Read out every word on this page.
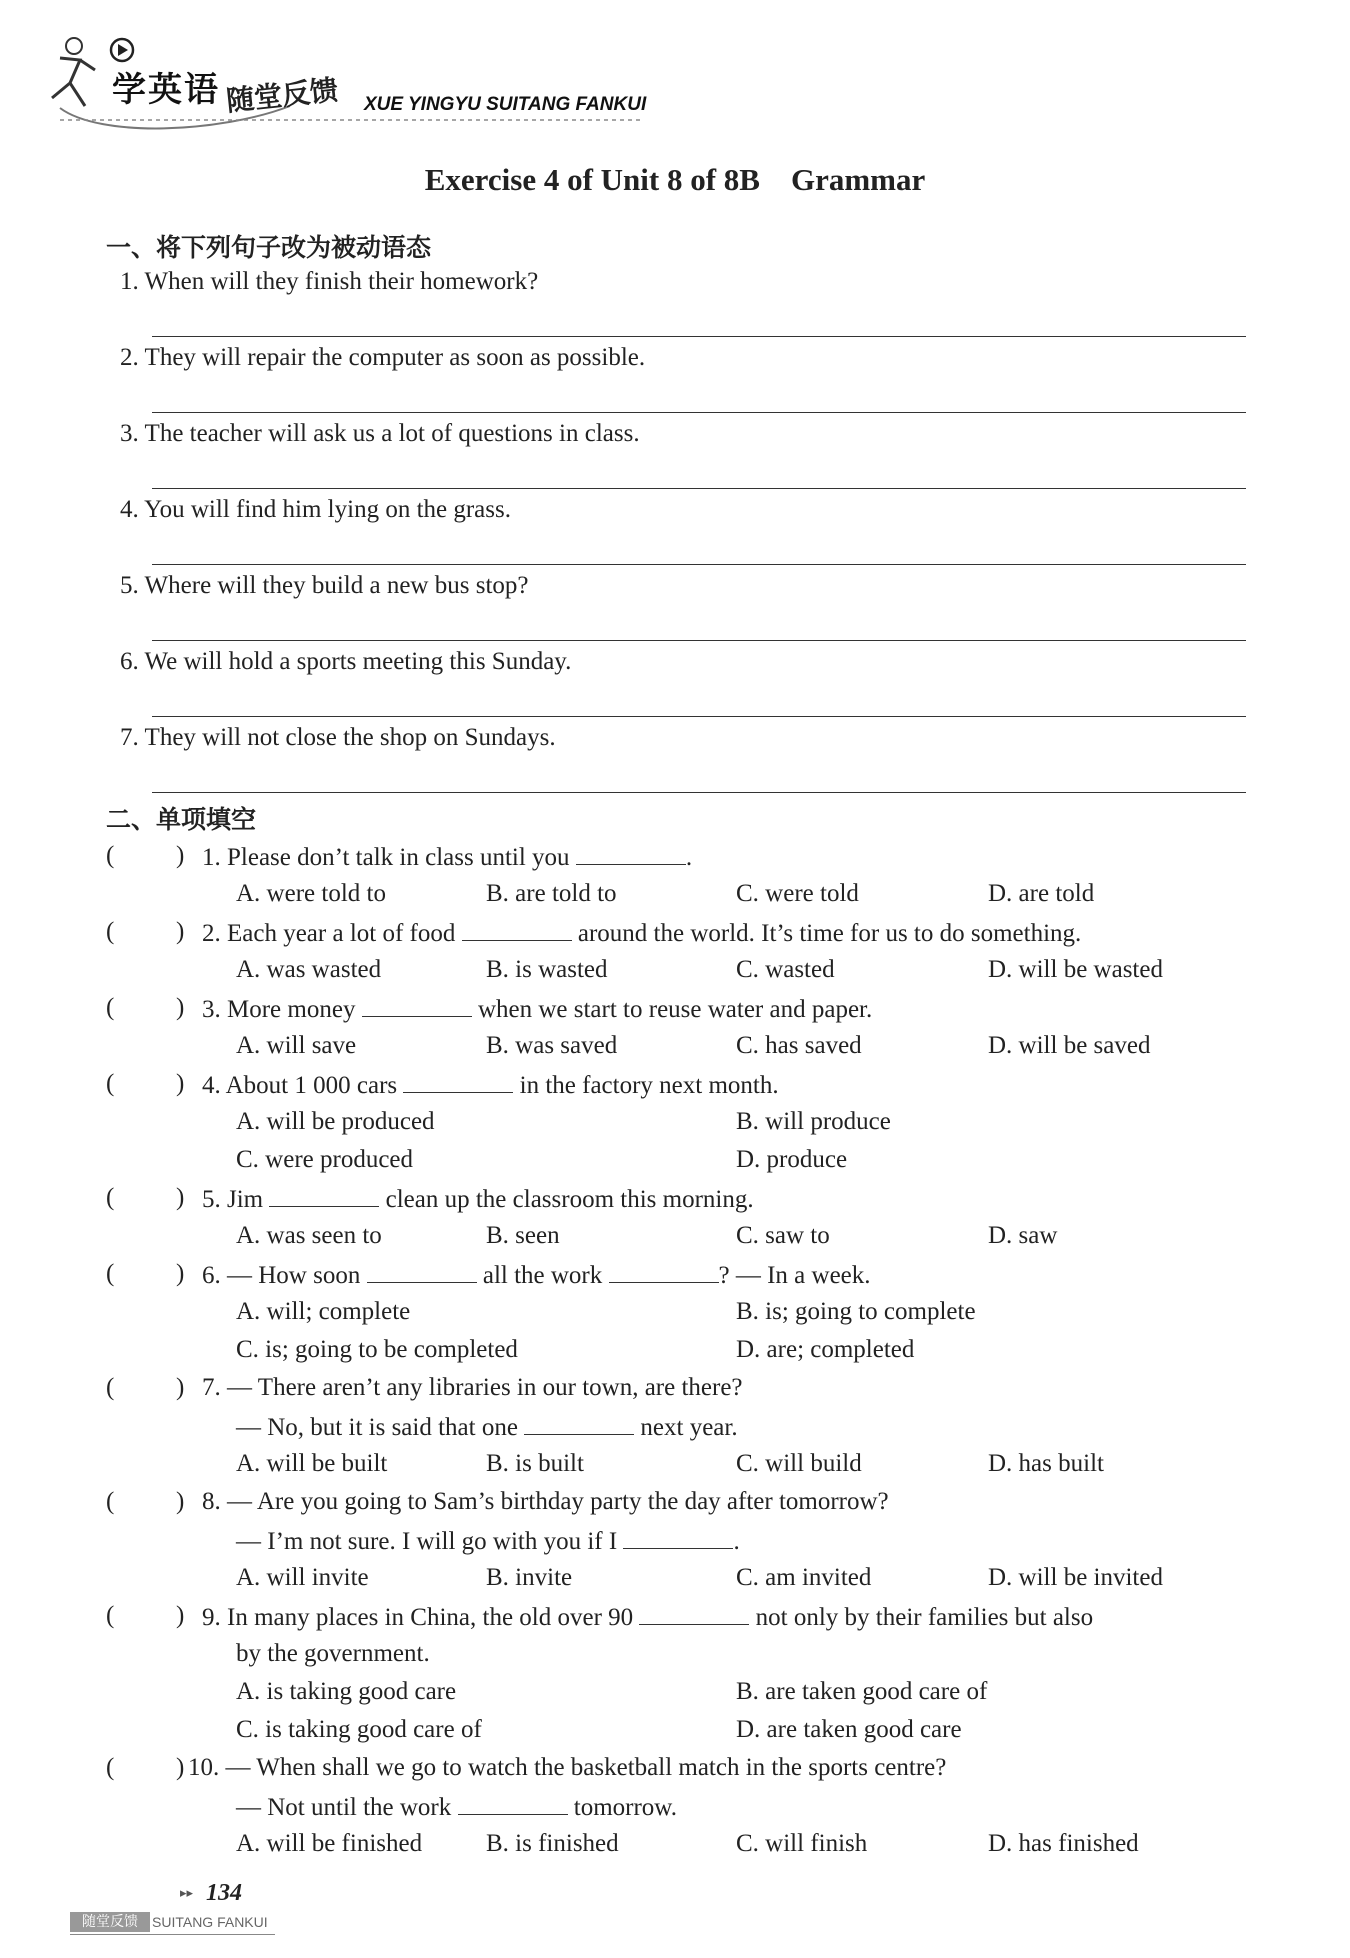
学英语 随堂反馈 XUE YINGYU SUITANG FANKUI
Exercise 4 of Unit 8 of 8B    Grammar
一、将下列句子改为被动语态
1. When will they finish their homework?
2. They will repair the computer as soon as possible.
3. The teacher will ask us a lot of questions in class.
4. You will find him lying on the grass.
5. Where will they build a new bus stop?
6. We will hold a sports meeting this Sunday.
7. They will not close the shop on Sundays.
二、单项填空
( ) 1. Please don’t talk in class until you	.
A. were told to	B. are told to	C. were told	D. are told
( ) 2. Each year a lot of food	around the world. It’s time for us to do something.
A. was wasted	B. is wasted	C. wasted	D. will be wasted
( ) 3. More money	when we start to reuse water and paper.
A. will save	B. was saved	C. has saved	D. will be saved
( ) 4. About 1 000 cars	in the factory next month.
A. will be produced	B. will produce
C. were produced	D. produce
( ) 5. Jim	clean up the classroom this morning.
A. was seen to	B. seen	C. saw to	D. saw
( ) 6. — How soon	all the work	? — In a week.
A. will; complete	B. is; going to complete
C. is; going to be completed	D. are; completed
( ) 7. — There aren’t any libraries in our town, are there?
— No, but it is said that one	next year.
A. will be built	B. is built	C. will build	D. has built
( ) 8. — Are you going to Sam’s birthday party the day after tomorrow?
— I’m not sure. I will go with you if I	.
A. will invite	B. invite	C. am invited	D. will be invited
( ) 9. In many places in China, the old over 90	not only by their families but also
by the government.
A. is taking good care	B. are taken good care of
C. is taking good care of	D. are taken good care
( ) 10. — When shall we go to watch the basketball match in the sports centre?
— Not until the work	tomorrow.
A. will be finished	B. is finished	C. will finish	D. has finished
▸▸ 134
随堂反馈	SUITANG FANKUI
